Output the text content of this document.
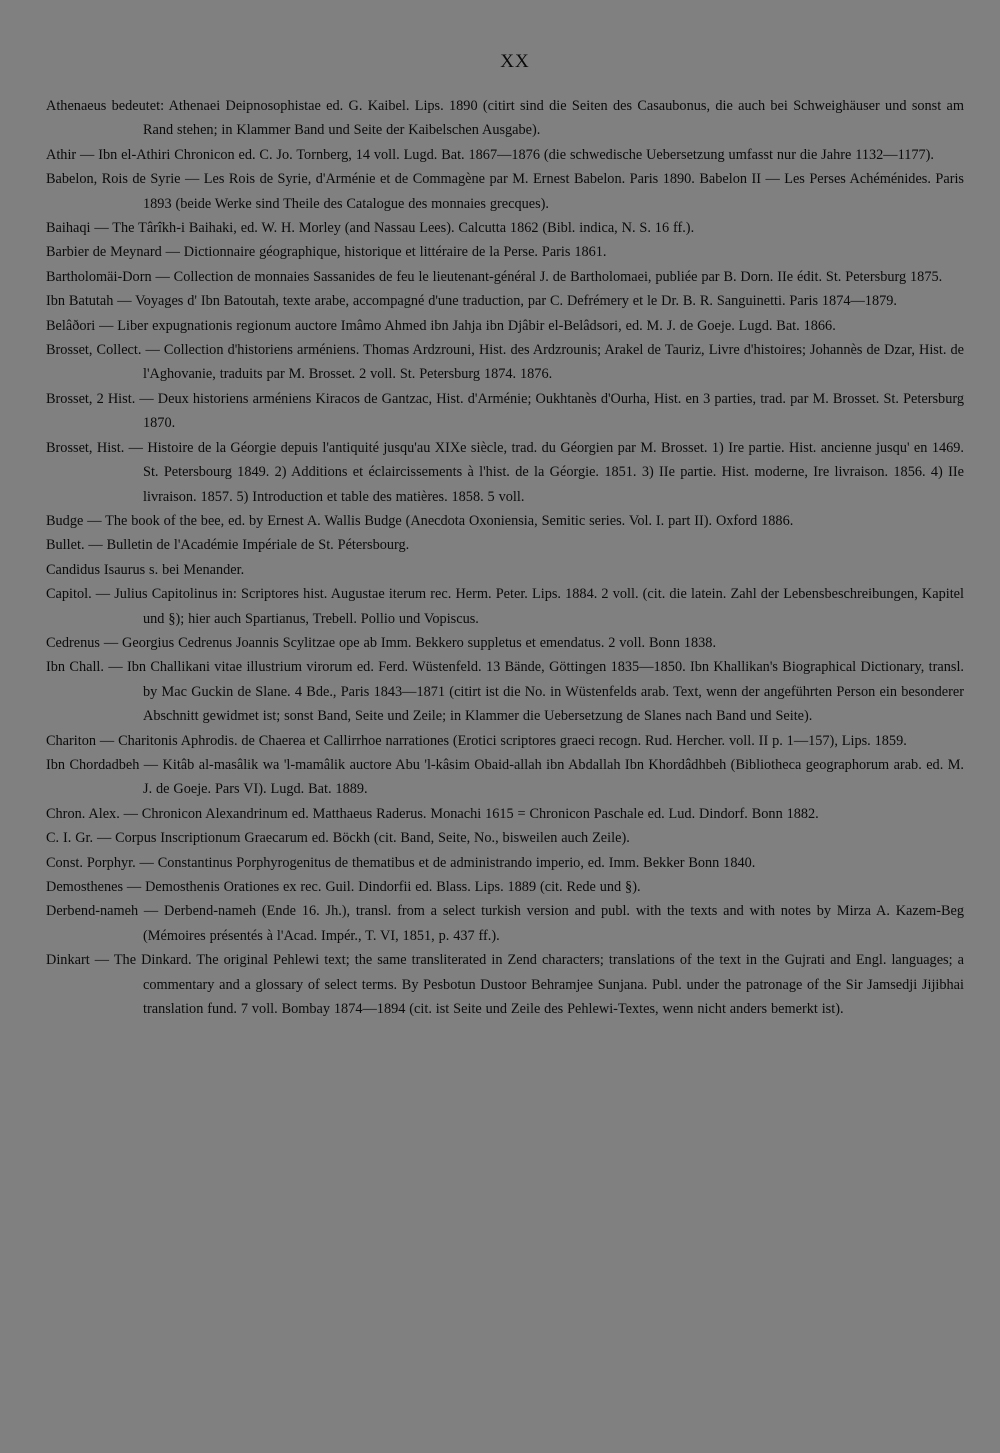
XX
Athenaeus bedeutet: Athenaei Deipnosophistae ed. G. Kaibel. Lips. 1890 (citirt sind die Seiten des Casaubonus, die auch bei Schweighäuser und sonst am Rand stehen; in Klammer Band und Seite der Kaibelschen Ausgabe).
Athir — Ibn el-Athiri Chronicon ed. C. Jo. Tornberg, 14 voll. Lugd. Bat. 1867—1876 (die schwedische Uebersetzung umfasst nur die Jahre 1132—1177).
Babelon, Rois de Syrie — Les Rois de Syrie, d'Arménie et de Commagène par M. Ernest Babelon. Paris 1890. Babelon II — Les Perses Achéménides. Paris 1893 (beide Werke sind Theile des Catalogue des monnaies grecques).
Baihaqi — The Târîkh-i Baihaki, ed. W. H. Morley (and Nassau Lees). Calcutta 1862 (Bibl. indica, N. S. 16 ff.).
Barbier de Meynard — Dictionnaire géographique, historique et littéraire de la Perse. Paris 1861.
Bartholomäi-Dorn — Collection de monnaies Sassanides de feu le lieutenant-général J. de Bartholomaei, publiée par B. Dorn. IIe édit. St. Petersburg 1875.
Ibn Batutah — Voyages d' Ibn Batoutah, texte arabe, accompagné d'une traduction, par C. Defrémery et le Dr. B. R. Sanguinetti. Paris 1874—1879.
Belâðori — Liber expugnationis regionum auctore Imâmo Ahmed ibn Jahja ibn Djâbir el-Belâdsori, ed. M. J. de Goeje. Lugd. Bat. 1866.
Brosset, Collect. — Collection d'historiens arméniens. Thomas Ardzrouni, Hist. des Ardzrounis; Arakel de Tauriz, Livre d'histoires; Johannès de Dzar, Hist. de l'Aghovanie, traduits par M. Brosset. 2 voll. St. Petersburg 1874. 1876.
Brosset, 2 Hist. — Deux historiens arméniens Kiracos de Gantzac, Hist. d'Arménie; Oukhtanès d'Ourha, Hist. en 3 parties, trad. par M. Brosset. St. Petersburg 1870.
Brosset, Hist. — Histoire de la Géorgie depuis l'antiquité jusqu'au XIXe siècle, trad. du Géorgien par M. Brosset. 1) Ire partie. Hist. ancienne jusqu' en 1469. St. Petersbourg 1849. 2) Additions et éclaircissements à l'hist. de la Géorgie. 1851. 3) IIe partie. Hist. moderne, Ire livraison. 1856. 4) IIe livraison. 1857. 5) Introduction et table des matières. 1858. 5 voll.
Budge — The book of the bee, ed. by Ernest A. Wallis Budge (Anecdota Oxoniensia, Semitic series. Vol. I. part II). Oxford 1886.
Bullet. — Bulletin de l'Académie Impériale de St. Pétersbourg.
Candidus Isaurus s. bei Menander.
Capitol. — Julius Capitolinus in: Scriptores hist. Augustae iterum rec. Herm. Peter. Lips. 1884. 2 voll. (cit. die latein. Zahl der Lebensbeschreibungen, Kapitel und §); hier auch Spartianus, Trebell. Pollio und Vopiscus.
Cedrenus — Georgius Cedrenus Joannis Scylitzae ope ab Imm. Bekkero suppletus et emendatus. 2 voll. Bonn 1838.
Ibn Chall. — Ibn Challikani vitae illustrium virorum ed. Ferd. Wüstenfeld. 13 Bände, Göttingen 1835—1850. Ibn Khallikan's Biographical Dictionary, transl. by Mac Guckin de Slane. 4 Bde., Paris 1843—1871 (citirt ist die No. in Wüstenfelds arab. Text, wenn der angeführten Person ein besonderer Abschnitt gewidmet ist; sonst Band, Seite und Zeile; in Klammer die Uebersetzung de Slanes nach Band und Seite).
Chariton — Charitonis Aphrodis. de Chaerea et Callirrhoe narrationes (Erotici scriptores graeci recogn. Rud. Hercher. voll. II p. 1—157), Lips. 1859.
Ibn Chordadbeh — Kitâb al-masâlik wa 'l-mamâlik auctore Abu 'l-kâsim Obaid-allah ibn Abdallah Ibn Khordâdhbeh (Bibliotheca geographorum arab. ed. M. J. de Goeje. Pars VI). Lugd. Bat. 1889.
Chron. Alex. — Chronicon Alexandrinum ed. Matthaeus Raderus. Monachi 1615 = Chronicon Paschale ed. Lud. Dindorf. Bonn 1882.
C. I. Gr. — Corpus Inscriptionum Graecarum ed. Böckh (cit. Band, Seite, No., bisweilen auch Zeile).
Const. Porphyr. — Constantinus Porphyrogenitus de thematibus et de administrando imperio, ed. Imm. Bekker Bonn 1840.
Demosthenes — Demosthenis Orationes ex rec. Guil. Dindorfii ed. Blass. Lips. 1889 (cit. Rede und §).
Derbend-nameh — Derbend-nameh (Ende 16. Jh.), transl. from a select turkish version and publ. with the texts and with notes by Mirza A. Kazem-Beg (Mémoires présentés à l'Acad. Impér., T. VI, 1851, p. 437 ff.).
Dinkart — The Dinkard. The original Pehlewi text; the same transliterated in Zend characters; translations of the text in the Gujrati and Engl. languages; a commentary and a glossary of select terms. By Pesbotun Dustoor Behramjee Sunjana. Publ. under the patronage of the Sir Jamsedji Jijibhai translation fund. 7 voll. Bombay 1874—1894 (cit. ist Seite und Zeile des Pehlewi-Textes, wenn nicht anders bemerkt ist).
